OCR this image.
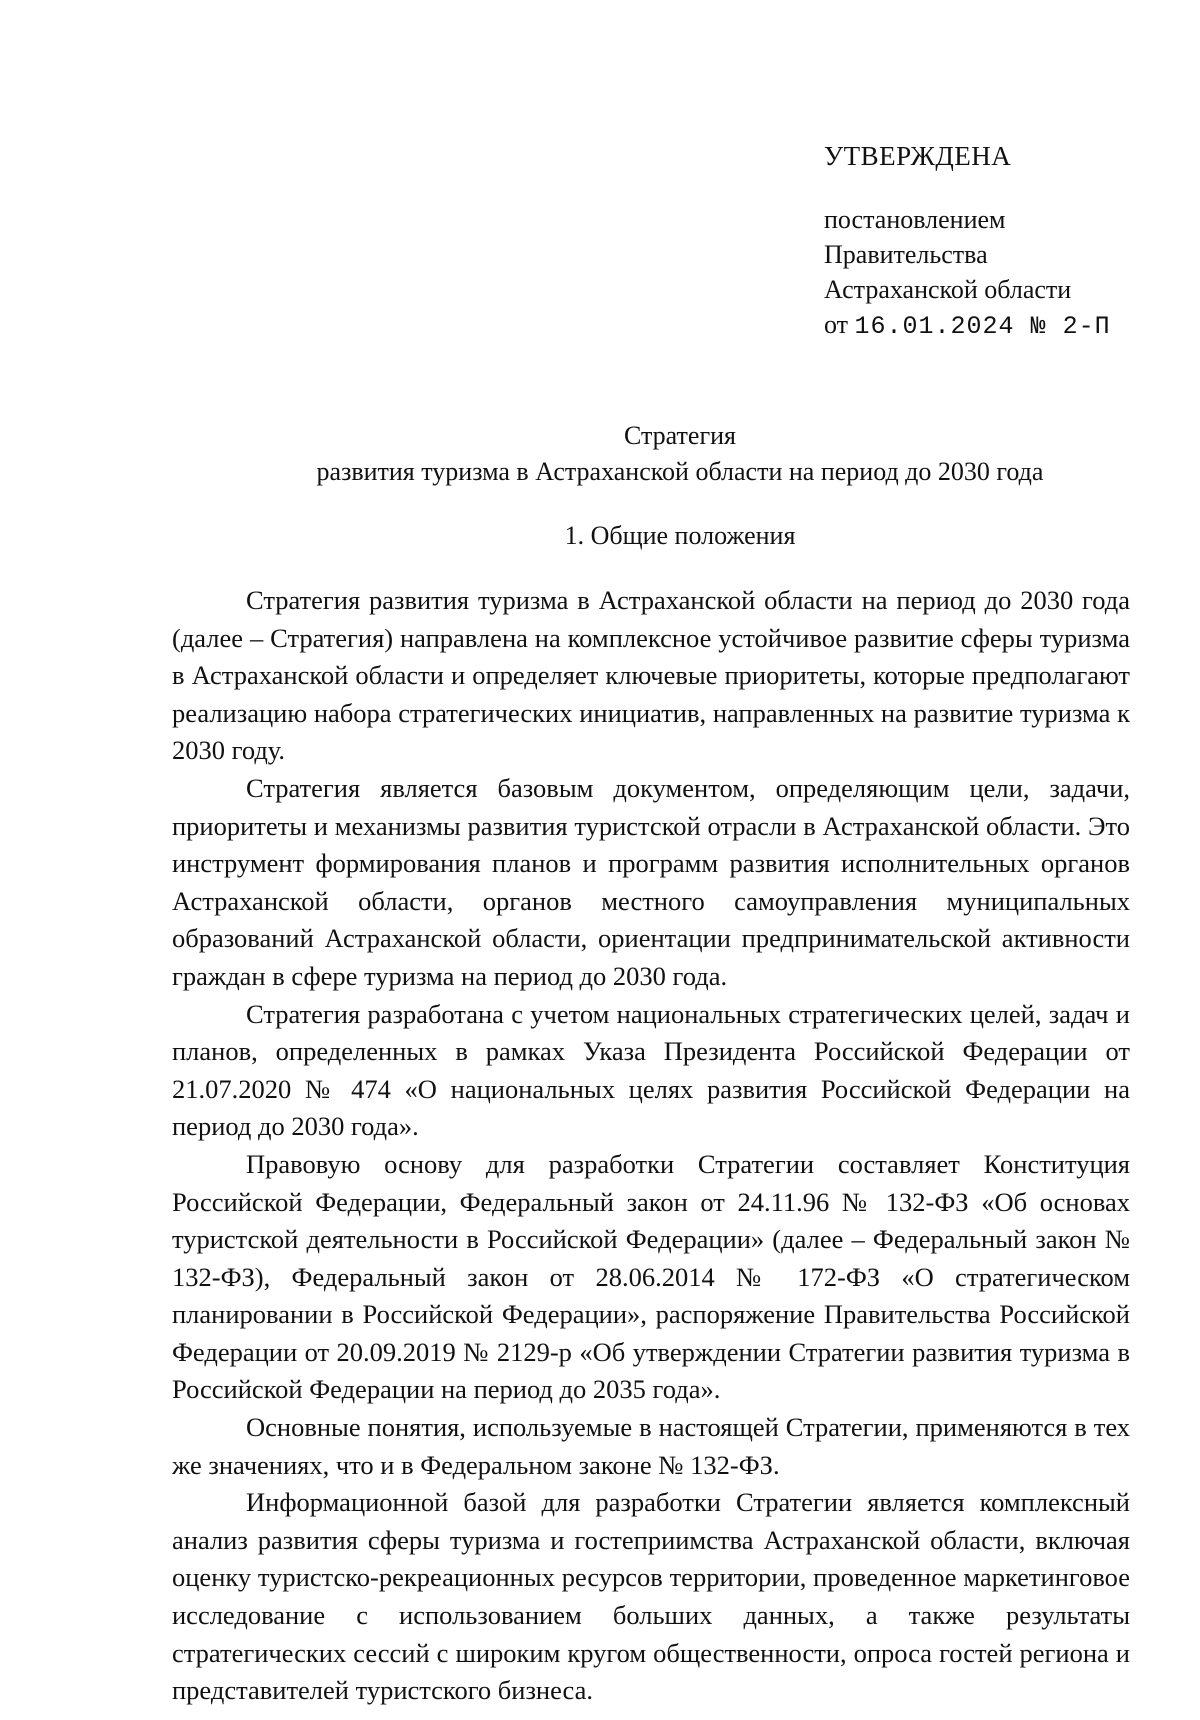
УТВЕРЖДЕНА

постановлением

Правительства

Астраханской области

от 16.01.2024 № 2-П

Стратегия

развития туризма в Астраханской области на период до 2030 года

1. Общие положения

Стратегия развития туризма в Астраханской области на период до 2030 года (далее – Стратегия) направлена на комплексное устойчивое развитие сферы туризма в Астраханской области и определяет ключевые приоритеты, которые предполагают реализацию набора стратегических инициатив, направленных на развитие туризма к 2030 году.

Стратегия является базовым документом, определяющим цели, задачи, приоритеты и механизмы развития туристской отрасли в Астраханской области. Это инструмент формирования планов и программ развития исполнительных органов Астраханской области, органов местного самоуправления муниципальных образований Астраханской области, ориентации предпринимательской активности граждан в сфере туризма на период до 2030 года.

Стратегия разработана с учетом национальных стратегических целей, задач и планов, определенных в рамках Указа Президента Российской Федерации от 21.07.2020 № 474 «О национальных целях развития Российской Федерации на период до 2030 года».

Правовую основу для разработки Стратегии составляет Конституция Российской Федерации, Федеральный закон от 24.11.96 № 132-ФЗ «Об основах туристской деятельности в Российской Федерации» (далее – Федеральный закон № 132-ФЗ), Федеральный закон от 28.06.2014 № 172-ФЗ «О стратегическом планировании в Российской Федерации», распоряжение Правительства Российской Федерации от 20.09.2019 № 2129-р «Об утверждении Стратегии развития туризма в Российской Федерации на период до 2035 года».

Основные понятия, используемые в настоящей Стратегии, применяются в тех же значениях, что и в Федеральном законе № 132-ФЗ.

Информационной базой для разработки Стратегии является комплексный анализ развития сферы туризма и гостеприимства Астраханской области, включая оценку туристско-рекреационных ресурсов территории, проведенное маркетинговое исследование с использованием больших данных, а также результаты стратегических сессий с широким кругом общественности, опроса гостей региона и представителей туристского бизнеса.
